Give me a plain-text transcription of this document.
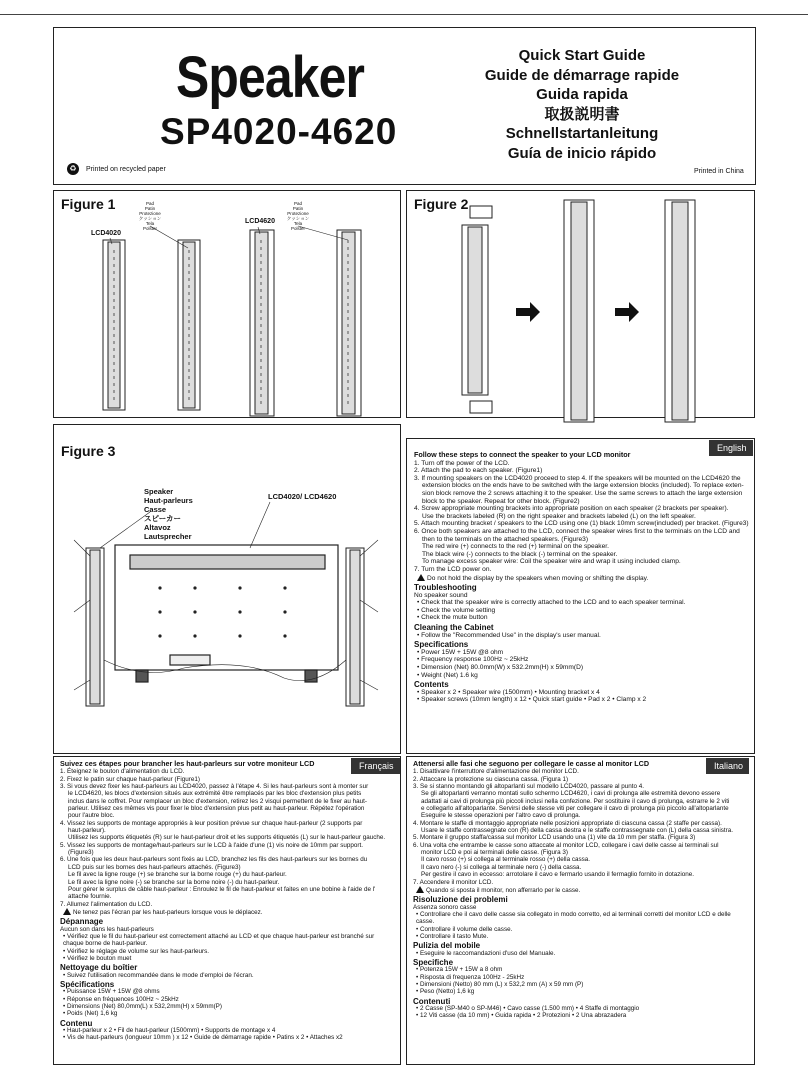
Speaker
SP4020-4620
Quick Start Guide
Guide de démarrage rapide
Guida rapida
取扱説明書
Schnellstartanleitung
Guía de inicio rápido
♻	Printed on recycled paper	Printed in China
Figure 1
LCD4020
LCD4620
Pad
Patin
Protezione
クッション
Tela
Polster
Pad
Patin
Protezione
クッション
Tela
Polster
Figure 2
Figure 3
Speaker
Haut-parleurs
Casse
スピーカー
Altavoz
Lautsprecher
LCD4020/ LCD4620
English
Follow these steps to connect the speaker to your LCD monitor
1. Turn off the power of the LCD.
2. Attach the pad to each speaker. (Figure1)
3. If mounting speakers on the LCD4020 proceed to step 4. If the speakers will be mounted on the LCD4620 the
extension blocks on the ends have to be switched with the large extension blocks (included). To replace exten-
sion block remove the 2 screws attaching it to the speaker. Use the same screws to attach the large extension
block to the speaker. Repeat for other block. (Figure2)
4. Screw appropriate mounting brackets into appropriate position on each speaker (2 brackets per speaker).
Use the brackets labeled (R) on the right speaker and brackets labeled (L) on the left speaker.
5. Attach mounting bracket / speakers to the LCD using one (1) black 10mm screw(included) per bracket. (Figure3)
6. Once both speakers are attached to the LCD, connect the speaker wires first to the terminals on the LCD and
then to the terminals on the attached speakers. (Figure3)
The red wire (+) connects to the red (+) terminal on the speaker.
The black wire (-) connects to the black (-) terminal on the speaker.
To manage excess speaker wire: Coil the speaker wire and wrap it using included clamp.
7. Turn the LCD power on.
Do not hold the display by the speakers when moving or shifting the display.
Troubleshooting
No speaker sound
• Check that the speaker wire is correctly attached to the LCD and to each speaker terminal.
• Check the volume setting
• Check the mute button
Cleaning the Cabinet
• Follow the "Recommended Use" in the display's user manual.
Specifications
• Power 15W + 15W @8 ohm
• Frequency response 100Hz ~ 25kHz
• Dimension (Net) 80.0mm(W) x 532.2mm(H) x 59mm(D)
• Weight (Net) 1.6 kg
Contents
• Speaker x 2 • Speaker wire (1500mm) • Mounting bracket x 4
• Speaker screws (10mm length) x 12 • Quick start guide • Pad x 2 • Clamp x 2
Français
Suivez ces étapes pour brancher les haut-parleurs sur votre moniteur LCD
1. Éteignez le bouton d'alimentation du LCD.
2. Fixez le patin sur chaque haut-parleur (Figure1)
3. Si vous devez fixer les haut-parleurs au LCD4020, passez à l'étape 4. Si les haut-parleurs sont à monter sur
le LCD4620, les blocs d'extension situés aux extrémité être remplacés par les bloc d'extension plus petits
inclus dans le coffret. Pour remplacer un bloc d'extension, retirez les 2 visqui permettent de le fixer au haut-
parleur. Utilisez ces mêmes vis pour fixer le bloc d'extension plus petit au haut-parleur. Répétez l'opération
pour l'autre bloc.
4. Vissez les supports de montage appropriés à leur position prévue sur chaque haut-parleur (2 supports par
haut-parleur).
Utilisez les supports étiquetés (R) sur le haut-parleur droit et les supports étiquetés (L) sur le haut-parleur gauche.
5. Vissez les supports de montage/haut-parleurs sur le LCD à l'aide d'une (1) vis noire de 10mm par support.
(Figure3)
6. Une fois que les deux haut-parleurs sont fixés au LCD, branchez les fils des haut-parleurs sur les bornes du
LCD puis sur les bornes des haut-parleurs attachés. (Figure3)
Le fil avec la ligne rouge (+) se branche sur la borne rouge (+) du haut-parleur.
Le fil avec la ligne noire (-) se branche sur la borne noire (-) du haut-parleur.
Pour gérer le surplus de câble haut-parleur : Enroulez le fil de haut-parleur et faites en une bobine à l'aide de l'
attache fournie.
7. Allumez l'alimentation du LCD.
Ne tenez pas l'écran par les haut-parleurs lorsque vous le déplacez.
Dépannage
Aucun son dans les haut-parleurs
• Vérifiez que le fil du haut-parleur est correctement attaché au LCD et que chaque haut-parleur est branché sur
chaque borne de haut-parleur.
• Vérifiez le réglage de volume sur les haut-parleurs.
• Vérifiez le bouton muet
Nettoyage du boîtier
• Suivez l'utilisation recommandée dans le mode d'emploi de l'écran.
Spécifications
• Puissance 15W + 15W @8 ohms
• Réponse en fréquences 100Hz ~ 25kHz
• Dimensions (Net) 80,0mm(L) x 532,2mm(H) x 59mm(P)
• Poids (Net) 1,6 kg
Contenu
• Haut-parleur x 2 • Fil de haut-parleur (1500mm) • Supports de montage x 4
• Vis de haut-parleurs (longueur 10mm ) x 12 • Guide de démarrage rapide • Patins x 2 • Attaches x2
Italiano
Attenersi alle fasi che seguono per collegare le casse al monitor LCD
1. Disattivare l'interruttore d'alimentazione del monitor LCD.
2. Attaccare la protezione su ciascuna cassa. (Figura 1)
3. Se si stanno montando gli altoparlanti sul modello LCD4020, passare al punto 4.
Se gli altoparlanti verranno montati sullo schermo LCD4620, i cavi di prolunga alle estremità devono essere
adattati ai cavi di prolunga più piccoli inclusi nella confezione. Per sostituire il cavo di prolunga, estrarre le 2 viti
e collegarlo all'altoparlante. Servirsi delle stesse viti per collegare il cavo di prolunga più piccolo all'altoparlante
Eseguire le stesse operazioni per l'altro cavo di prolunga.
4. Montare le staffe di montaggio appropriate nelle posizioni appropriate di ciascuna cassa (2 staffe per cassa).
Usare le staffe contrassegnate con (R) della cassa destra e le staffe contrassegnate con (L) della cassa sinistra.
5. Montare il gruppo staffa/cassa sul monitor LCD usando una (1) vite da 10 mm per staffa. (Figura 3)
6. Una volta che entrambe le casse sono attaccate al monitor LCD, collegare i cavi delle casse ai terminali sul
monitor LCD e poi ai terminali delle casse. (Figura 3)
Il cavo rosso (+) si collega al terminale rosso (+) della cassa.
Il cavo nero (-) si collega al terminale nero (-) della cassa.
Per gestire il cavo in eccesso: arrotolare il cavo e fermarlo usando il fermaglio fornito in dotazione.
7. Accendere il monitor LCD.
Quando si sposta il monitor, non afferrarlo per le casse.
Risoluzione dei problemi
Assenza sonoro casse
• Controllare che il cavo delle casse sia collegato in modo corretto, ed ai terminali corretti del monitor LCD e delle
casse.
• Controllare il volume delle casse.
• Controllare il tasto Mute.
Pulizia del mobile
• Eseguire le raccomandazioni d'uso del Manuale.
Specifiche
• Potenza 15W + 15W a 8 ohm
• Risposta di frequenza 100Hz - 25kHz
• Dimensioni (Netto) 80 mm (L) x 532,2 mm (A) x 59 mm (P)
• Peso (Netto) 1,6 kg
Contenuti
• 2 Casse (SP-M40 o SP-M46) • Cavo casse (1.500 mm) • 4 Staffe di montaggio
• 12 Viti casse (da 10 mm) • Guida rapida • 2 Protezioni • 2 Una abrazadera
